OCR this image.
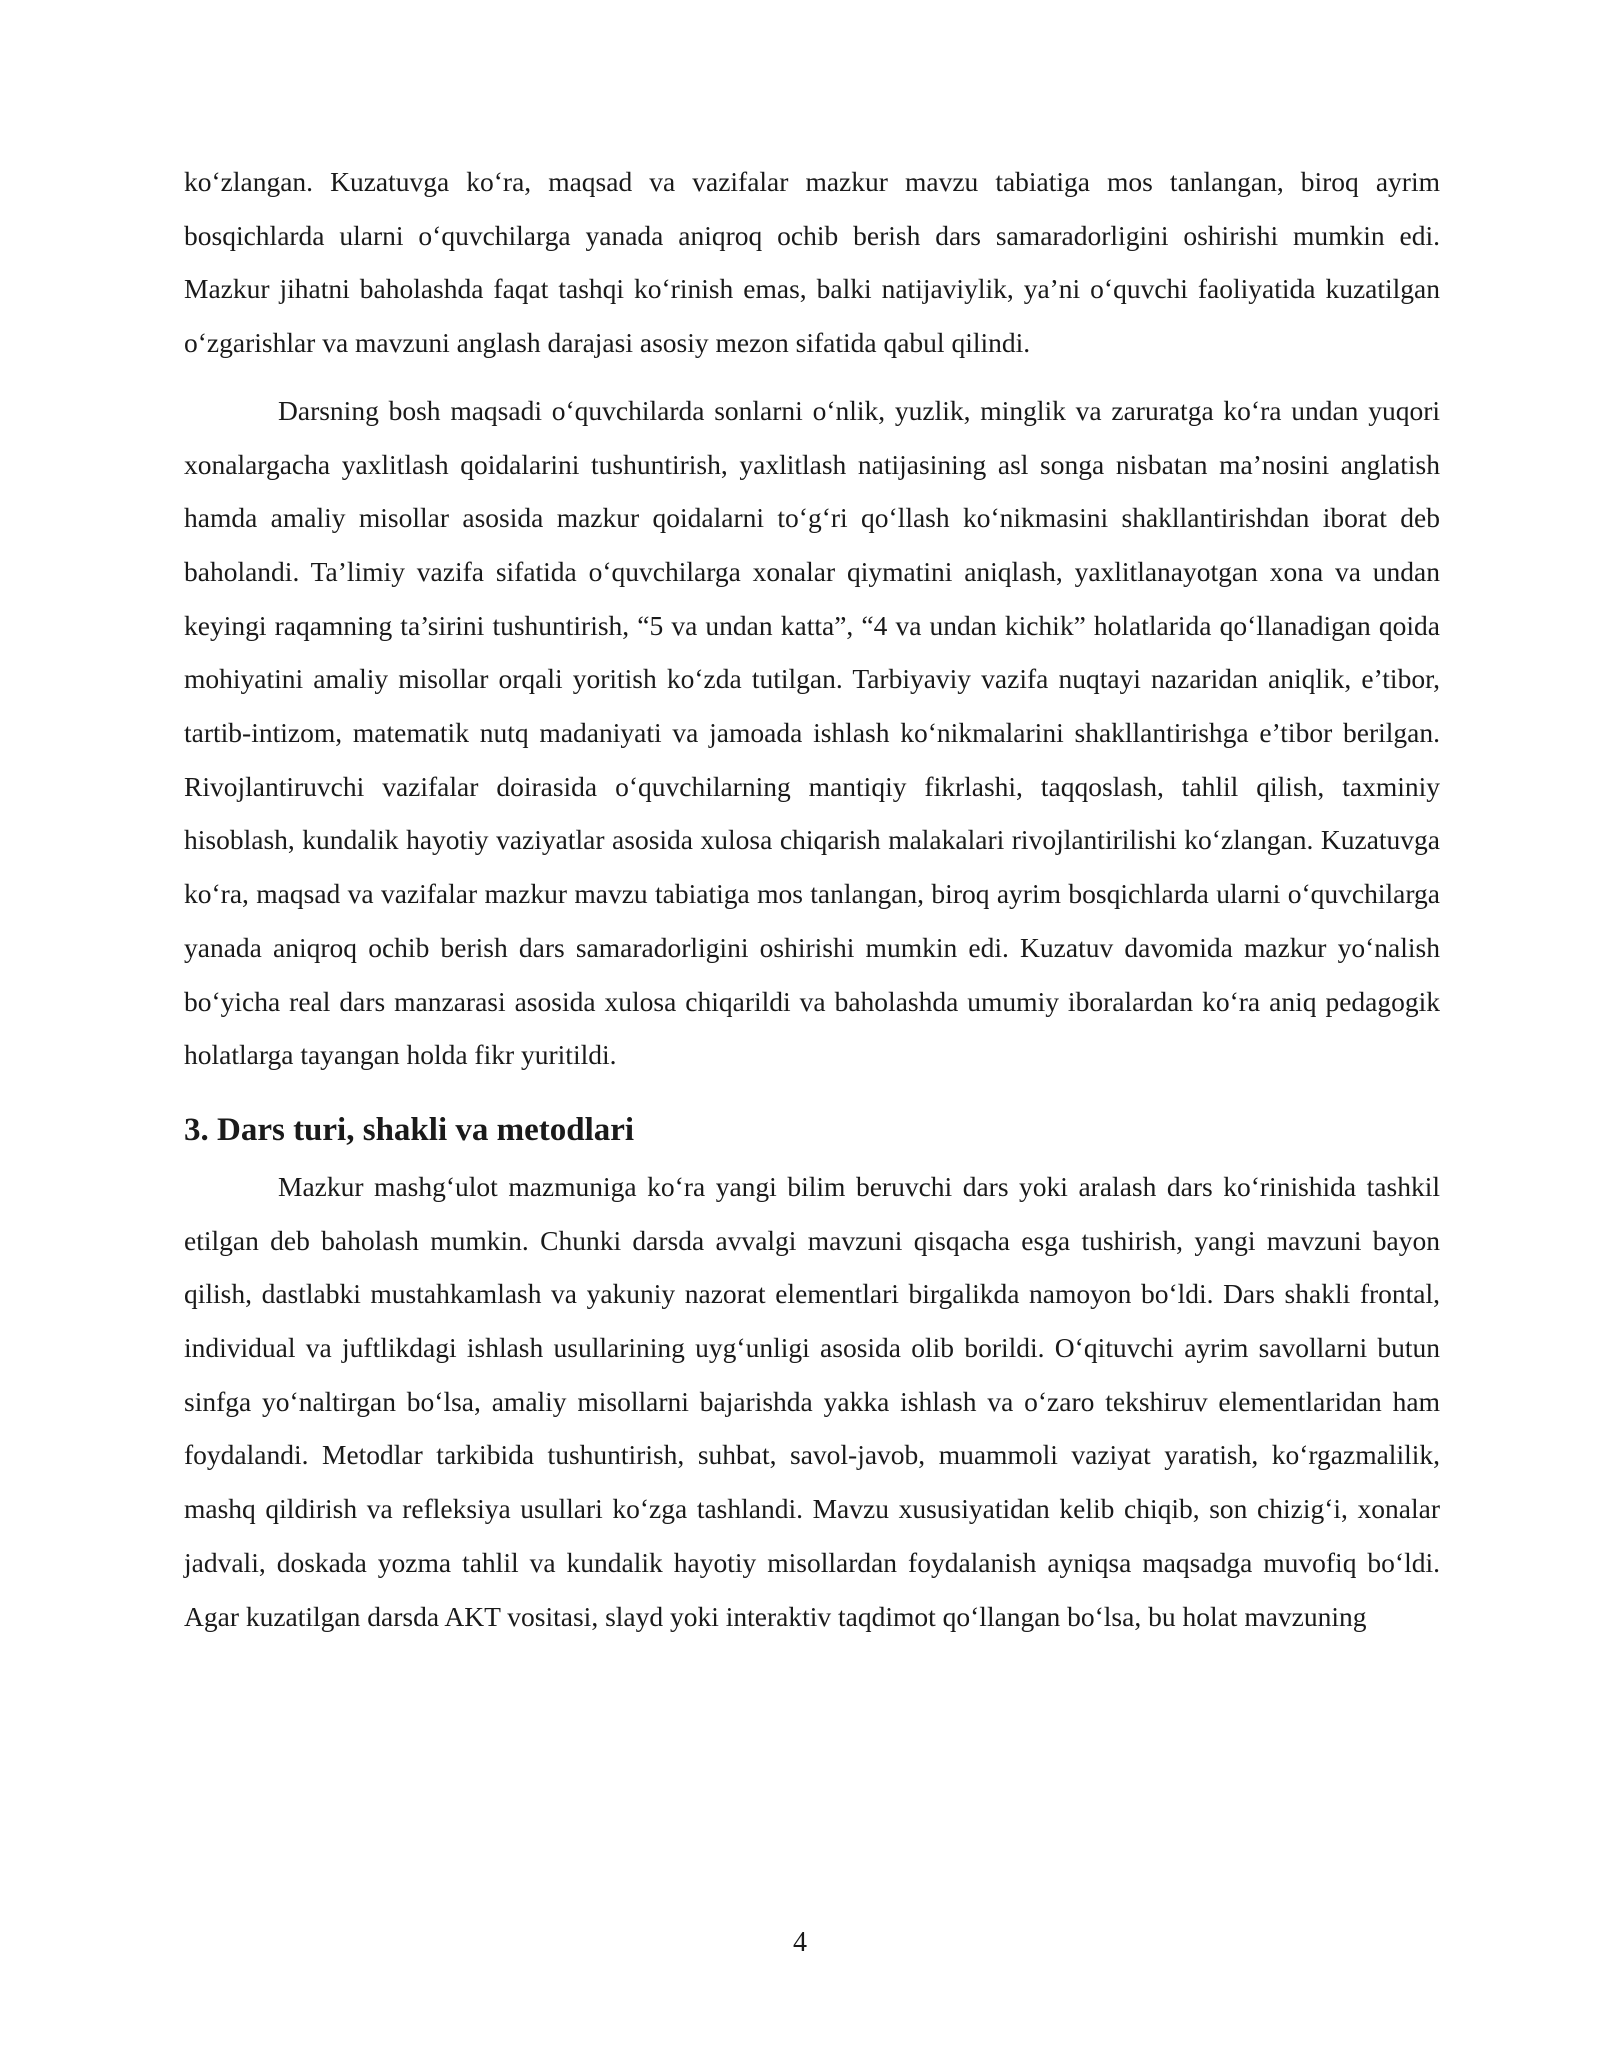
ko‘zlangan. Kuzatuvga ko‘ra, maqsad va vazifalar mazkur mavzu tabiatiga mos tanlangan, biroq ayrim bosqichlarda ularni o‘quvchilarga yanada aniqroq ochib berish dars samaradorligini oshirishi mumkin edi. Mazkur jihatni baholashda faqat tashqi ko‘rinish emas, balki natijaviylik, ya’ni o‘quvchi faoliyatida kuzatilgan o‘zgarishlar va mavzuni anglash darajasi asosiy mezon sifatida qabul qilindi.

Darsning bosh maqsadi o‘quvchilarda sonlarni o‘nlik, yuzlik, minglik va zaruratga ko‘ra undan yuqori xonalargacha yaxlitlash qoidalarini tushuntirish, yaxlitlash natijasining asl songa nisbatan ma’nosini anglatish hamda amaliy misollar asosida mazkur qoidalarni to‘g‘ri qo‘llash ko‘nikmasini shakllantirishdan iborat deb baholandi. Ta’limiy vazifa sifatida o‘quvchilarga xonalar qiymatini aniqlash, yaxlitlanayotgan xona va undan keyingi raqamning ta’sirini tushuntirish, “5 va undan katta”, “4 va undan kichik” holatlarida qo‘llanadigan qoida mohiyatini amaliy misollar orqali yoritish ko‘zda tutilgan. Tarbiyaviy vazifa nuqtayi nazaridan aniqlik, e’tibor, tartib-intizom, matematik nutq madaniyati va jamoada ishlash ko‘nikmalarini shakllantirishga e’tibor berilgan. Rivojlantiruvchi vazifalar doirasida o‘quvchilarning mantiqiy fikrlashi, taqqoslash, tahlil qilish, taxminiy hisoblash, kundalik hayotiy vaziyatlar asosida xulosa chiqarish malakalari rivojlantirilishi ko‘zlangan. Kuzatuvga ko‘ra, maqsad va vazifalar mazkur mavzu tabiatiga mos tanlangan, biroq ayrim bosqichlarda ularni o‘quvchilarga yanada aniqroq ochib berish dars samaradorligini oshirishi mumkin edi. Kuzatuv davomida mazkur yo‘nalish bo‘yicha real dars manzarasi asosida xulosa chiqarildi va baholashda umumiy iboralardan ko‘ra aniq pedagogik holatlarga tayangan holda fikr yuritildi.

3. Dars turi, shakli va metodlari

Mazkur mashg‘ulot mazmuniga ko‘ra yangi bilim beruvchi dars yoki aralash dars ko‘rinishida tashkil etilgan deb baholash mumkin. Chunki darsda avvalgi mavzuni qisqacha esga tushirish, yangi mavzuni bayon qilish, dastlabki mustahkamlash va yakuniy nazorat elementlari birgalikda namoyon bo‘ldi. Dars shakli frontal, individual va juftlikdagi ishlash usullarining uyg‘unligi asosida olib borildi. O‘qituvchi ayrim savollarni butun sinfga yo‘naltirgan bo‘lsa, amaliy misollarni bajarishda yakka ishlash va o‘zaro tekshiruv elementlaridan ham foydalandi. Metodlar tarkibida tushuntirish, suhbat, savol-javob, muammoli vaziyat yaratish, ko‘rgazmalilik, mashq qildirish va refleksiya usullari ko‘zga tashlandi. Mavzu xususiyatidan kelib chiqib, son chizig‘i, xonalar jadvali, doskada yozma tahlil va kundalik hayotiy misollardan foydalanish ayniqsa maqsadga muvofiq bo‘ldi. Agar kuzatilgan darsda AKT vositasi, slayd yoki interaktiv taqdimot qo‘llangan bo‘lsa, bu holat mavzuning

4
